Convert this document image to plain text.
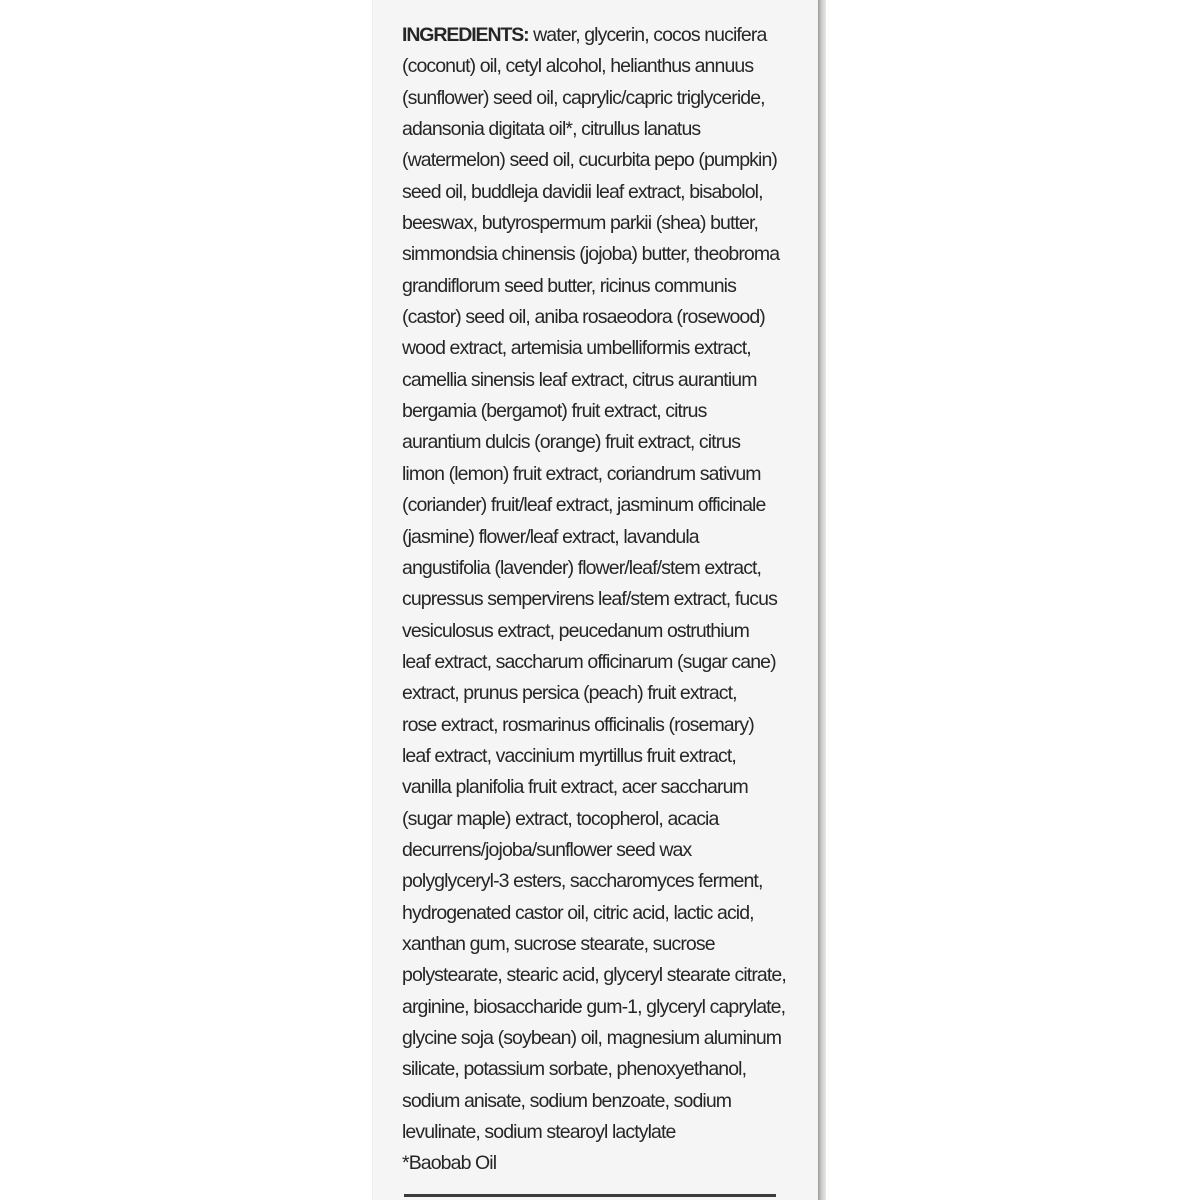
INGREDIENTS: water, glycerin, cocos nucifera
(coconut) oil, cetyl alcohol, helianthus annuus
(sunflower) seed oil, caprylic/capric triglyceride,
adansonia digitata oil*, citrullus lanatus
(watermelon) seed oil, cucurbita pepo (pumpkin)
seed oil, buddleja davidii leaf extract, bisabolol,
beeswax, butyrospermum parkii (shea) butter,
simmondsia chinensis (jojoba) butter, theobroma
grandiflorum seed butter, ricinus communis
(castor) seed oil, aniba rosaeodora (rosewood)
wood extract, artemisia umbelliformis extract,
camellia sinensis leaf extract, citrus aurantium
bergamia (bergamot) fruit extract, citrus
aurantium dulcis (orange) fruit extract, citrus
limon (lemon) fruit extract, coriandrum sativum
(coriander) fruit/leaf extract, jasminum officinale
(jasmine) flower/leaf extract, lavandula
angustifolia (lavender) flower/leaf/stem extract,
cupressus sempervirens leaf/stem extract, fucus
vesiculosus extract, peucedanum ostruthium
leaf extract, saccharum officinarum (sugar cane)
extract, prunus persica (peach) fruit extract,
rose extract, rosmarinus officinalis (rosemary)
leaf extract, vaccinium myrtillus fruit extract,
vanilla planifolia fruit extract, acer saccharum
(sugar maple) extract, tocopherol, acacia
decurrens/jojoba/sunflower seed wax
polyglyceryl-3 esters, saccharomyces ferment,
hydrogenated castor oil, citric acid, lactic acid,
xanthan gum, sucrose stearate, sucrose
polystearate, stearic acid, glyceryl stearate citrate,
arginine, biosaccharide gum-1, glyceryl caprylate,
glycine soja (soybean) oil, magnesium aluminum
silicate, potassium sorbate, phenoxyethanol,
sodium anisate, sodium benzoate, sodium
levulinate, sodium stearoyl lactylate
*Baobab Oil
